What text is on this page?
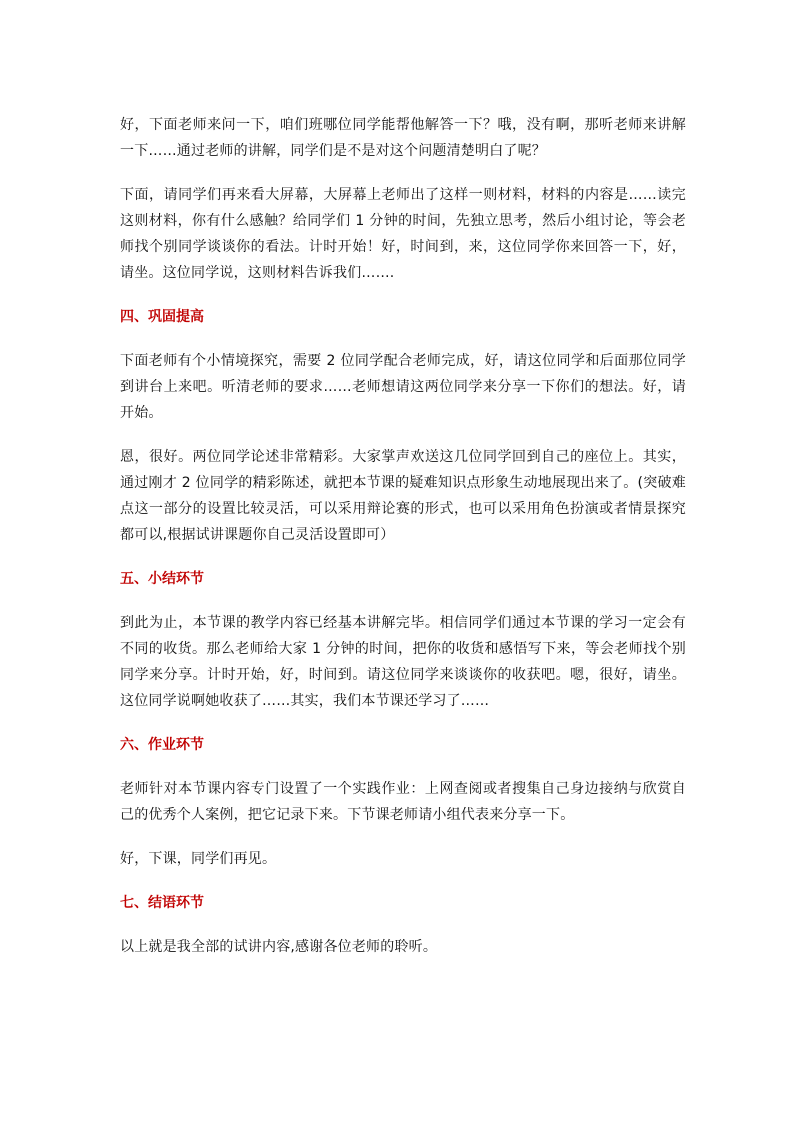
好，下面老师来问一下，咱们班哪位同学能帮他解答一下？哦，没有啊，那听老师来讲解一下……通过老师的讲解，同学们是不是对这个问题清楚明白了呢？

下面，请同学们再来看大屏幕，大屏幕上老师出了这样一则材料，材料的内容是……读完这则材料，你有什么感触？给同学们 1 分钟的时间，先独立思考，然后小组讨论，等会老师找个别同学谈谈你的看法。计时开始！好，时间到，来，这位同学你来回答一下，好，请坐。这位同学说，这则材料告诉我们…….

四、巩固提高

下面老师有个小情境探究，需要 2 位同学配合老师完成，好，请这位同学和后面那位同学到讲台上来吧。听清老师的要求……老师想请这两位同学来分享一下你们的想法。好，请开始。

恩，很好。两位同学论述非常精彩。大家掌声欢送这几位同学回到自己的座位上。其实，通过刚才 2 位同学的精彩陈述，就把本节课的疑难知识点形象生动地展现出来了。(突破难点这一部分的设置比较灵活，可以采用辩论赛的形式，也可以采用角色扮演或者情景探究都可以,根据试讲课题你自己灵活设置即可）

五、小结环节

到此为止，本节课的教学内容已经基本讲解完毕。相信同学们通过本节课的学习一定会有不同的收货。那么老师给大家 1 分钟的时间，把你的收货和感悟写下来，等会老师找个别同学来分享。计时开始，好，时间到。请这位同学来谈谈你的收获吧。嗯，很好，请坐。这位同学说啊她收获了……其实，我们本节课还学习了……

六、作业环节

老师针对本节课内容专门设置了一个实践作业：上网查阅或者搜集自己身边接纳与欣赏自己的优秀个人案例，把它记录下来。下节课老师请小组代表来分享一下。

好，下课，同学们再见。

七、结语环节

以上就是我全部的试讲内容,感谢各位老师的聆听。
